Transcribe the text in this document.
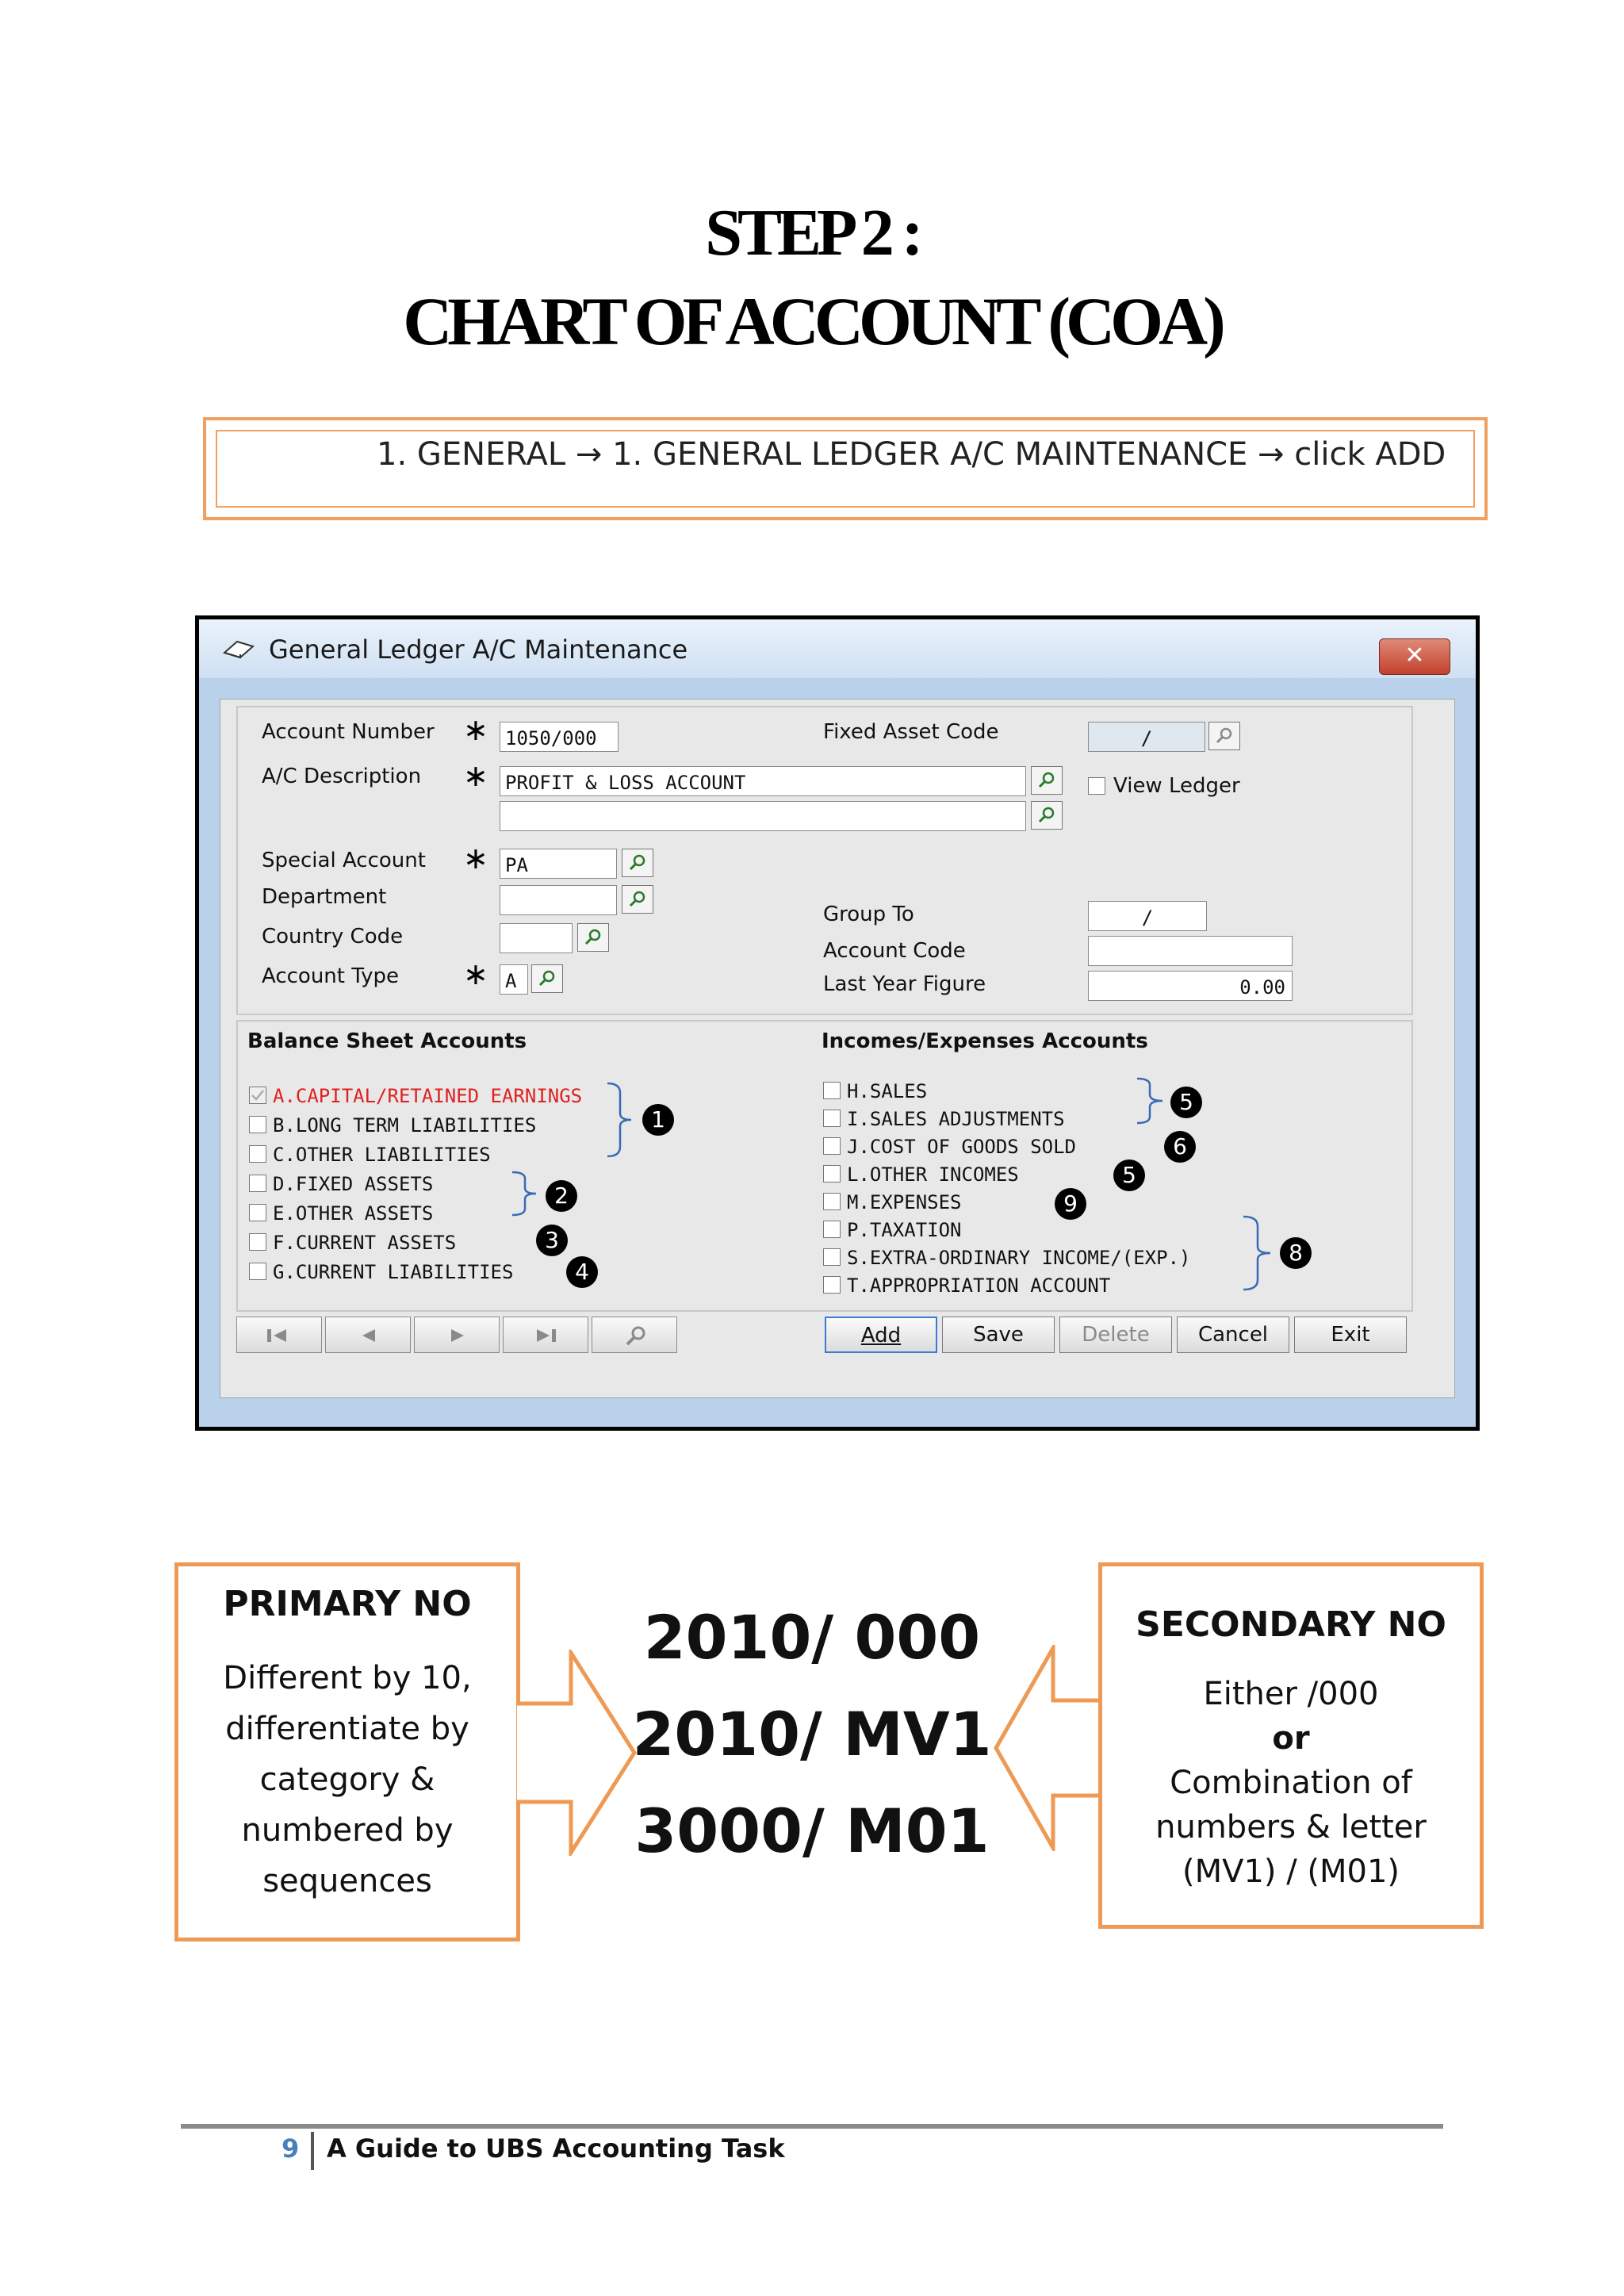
STEP 2 :
CHART OF ACCOUNT (COA)
1. GENERAL → 1. GENERAL LEDGER A/C MAINTENANCE → click ADD
General Ledger A/C Maintenance	✕
Account Number ∗ 1050/000
A/C Description ∗ PROFIT & LOSS ACCOUNT
Special Account ∗ PA
Department
Country Code
Account Type ∗ A
Fixed Asset Code	/
View Ledger
Group To	/
Account Code
Last Year Figure	0.00
Balance Sheet Accounts	Incomes/Expenses Accounts
A.CAPITAL/RETAINED EARNINGS
B.LONG TERM LIABILITIES
C.OTHER LIABILITIES
D.FIXED ASSETS
E.OTHER ASSETS
F.CURRENT ASSETS
G.CURRENT LIABILITIES
1
2
3
4
H.SALES
I.SALES ADJUSTMENTS
J.COST OF GOODS SOLD
L.OTHER INCOMES
M.EXPENSES
P.TAXATION
S.EXTRA-ORDINARY INCOME/(EXP.)
T.APPROPRIATION ACCOUNT
5
6
5
9
8
Add	Save	Delete	Cancel	Exit
PRIMARY NO

Different by 10,

differentiate by

category &

numbered by

sequences

2010/ 000
2010/ MV1
3000/ M01
SECONDARY NO

Either /000

or

Combination of

numbers & letter

(MV1) / (M01)

9 A Guide to UBS Accounting Task
